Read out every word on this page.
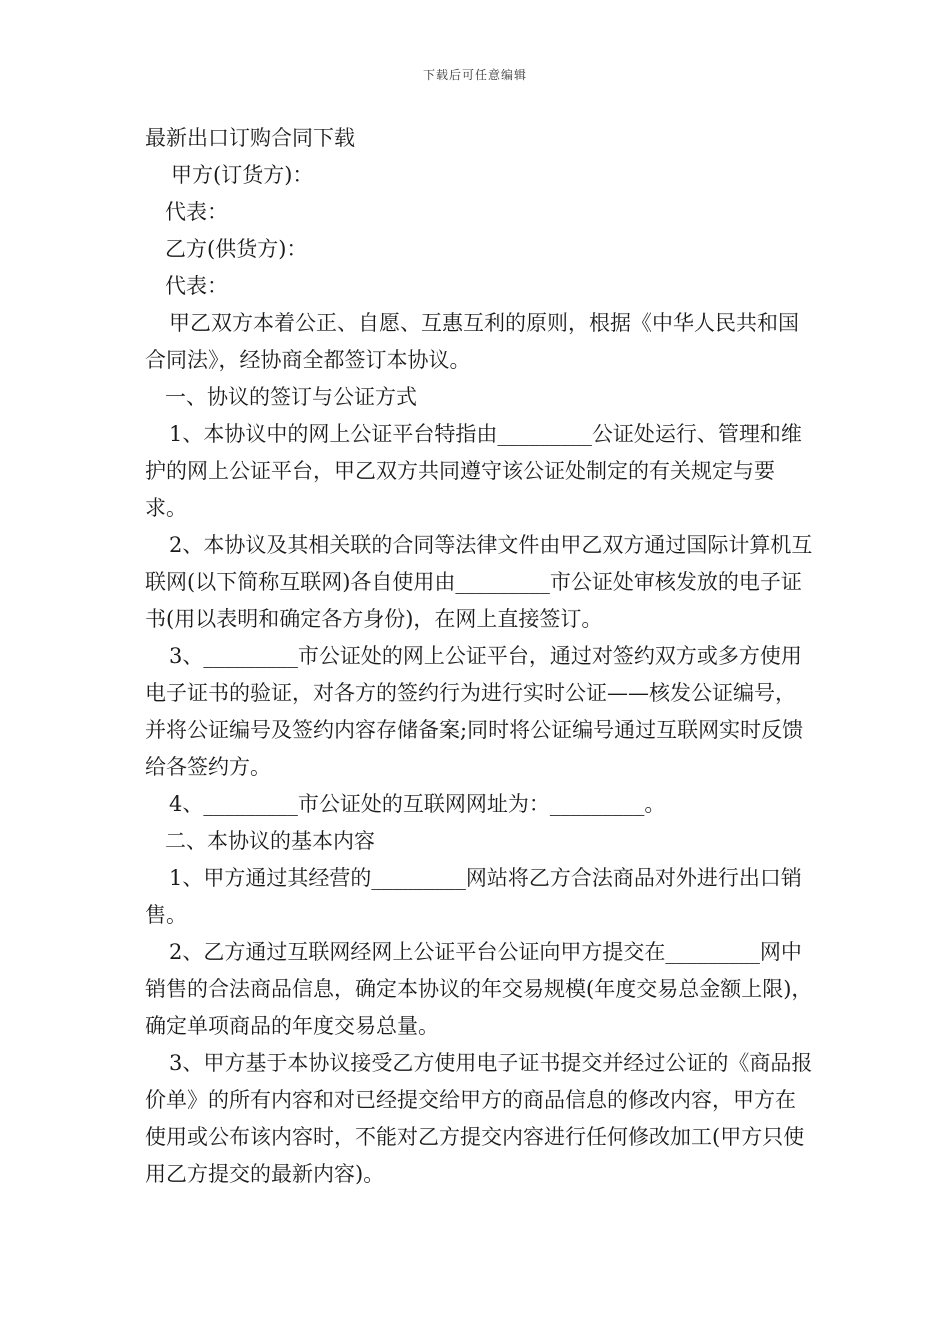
下载后可任意编辑

最新出口订购合同下载

甲方(订货方)：

代表：

乙方(供货方)：

代表：

甲乙双方本着公正、自愿、互惠互利的原则，根据《中华人民共和国合同法》，经协商全都签订本协议。

一、协议的签订与公证方式

1、本协议中的网上公证平台特指由_________公证处运行、管理和维护的网上公证平台，甲乙双方共同遵守该公证处制定的有关规定与要求。

2、本协议及其相关联的合同等法律文件由甲乙双方通过国际计算机互联网(以下简称互联网)各自使用由_________市公证处审核发放的电子证书(用以表明和确定各方身份)，在网上直接签订。

3、_________市公证处的网上公证平台，通过对签约双方或多方使用电子证书的验证，对各方的签约行为进行实时公证——核发公证编号，并将公证编号及签约内容存储备案;同时将公证编号通过互联网实时反馈给各签约方。

4、_________市公证处的互联网网址为：_________。

二、本协议的基本内容

1、甲方通过其经营的_________网站将乙方合法商品对外进行出口销售。

2、乙方通过互联网经网上公证平台公证向甲方提交在_________网中销售的合法商品信息，确定本协议的年交易规模(年度交易总金额上限)，确定单项商品的年度交易总量。

3、甲方基于本协议接受乙方使用电子证书提交并经过公证的《商品报价单》的所有内容和对已经提交给甲方的商品信息的修改内容，甲方在使用或公布该内容时，不能对乙方提交内容进行任何修改加工(甲方只使用乙方提交的最新内容)。
